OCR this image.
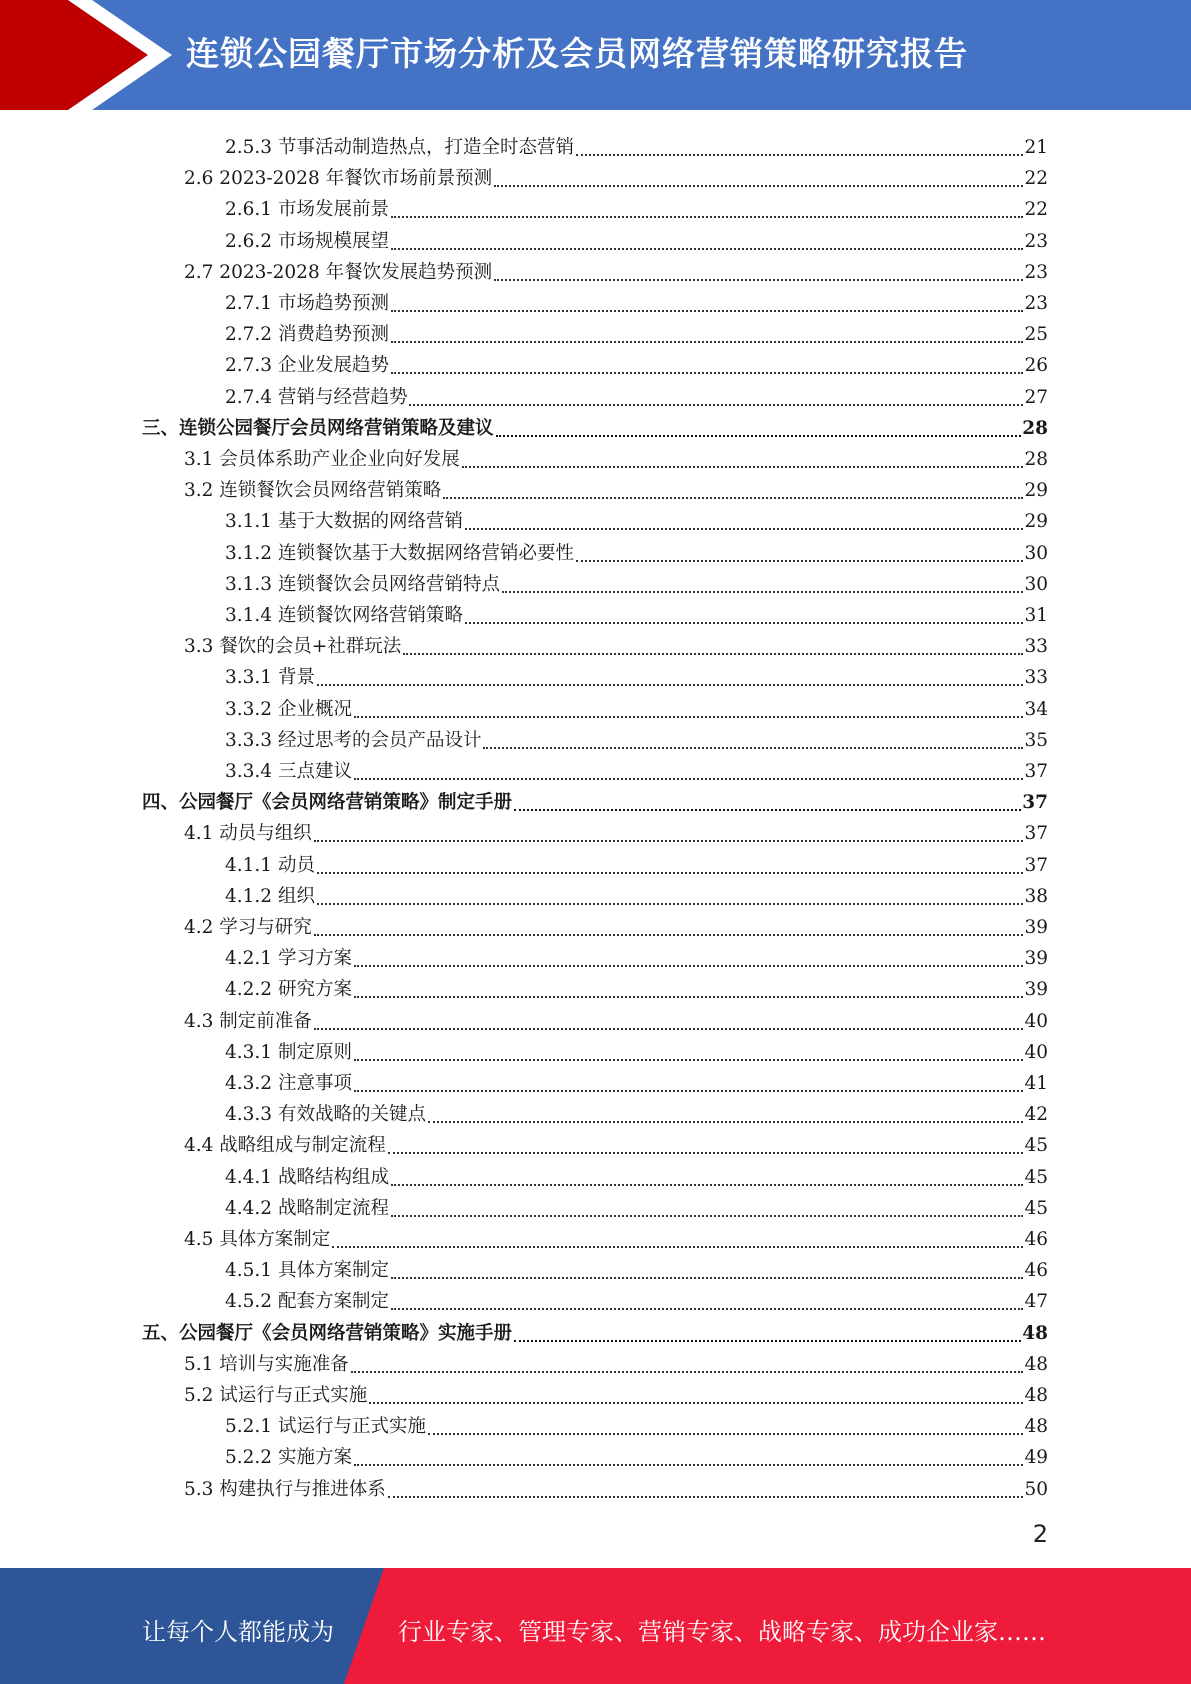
连锁公园餐厅市场分析及会员网络营销策略研究报告
2.5.3 节事活动制造热点，打造全时态营销	21
2.6 2023-2028 年餐饮市场前景预测	22
2.6.1 市场发展前景	22
2.6.2 市场规模展望	23
2.7 2023-2028 年餐饮发展趋势预测	23
2.7.1 市场趋势预测	23
2.7.2 消费趋势预测	25
2.7.3 企业发展趋势	26
2.7.4 营销与经营趋势	27
三、连锁公园餐厅会员网络营销策略及建议	28
3.1 会员体系助产业企业向好发展	28
3.2 连锁餐饮会员网络营销策略	29
3.1.1 基于大数据的网络营销	29
3.1.2 连锁餐饮基于大数据网络营销必要性	30
3.1.3 连锁餐饮会员网络营销特点	30
3.1.4 连锁餐饮网络营销策略	31
3.3 餐饮的会员+社群玩法	33
3.3.1 背景	33
3.3.2 企业概况	34
3.3.3 经过思考的会员产品设计	35
3.3.4 三点建议	37
四、公园餐厅《会员网络营销策略》制定手册	37
4.1 动员与组织	37
4.1.1 动员	37
4.1.2 组织	38
4.2 学习与研究	39
4.2.1 学习方案	39
4.2.2 研究方案	39
4.3 制定前准备	40
4.3.1 制定原则	40
4.3.2 注意事项	41
4.3.3 有效战略的关键点	42
4.4 战略组成与制定流程	45
4.4.1 战略结构组成	45
4.4.2 战略制定流程	45
4.5 具体方案制定	46
4.5.1 具体方案制定	46
4.5.2 配套方案制定	47
五、公园餐厅《会员网络营销策略》实施手册	48
5.1 培训与实施准备	48
5.2 试运行与正式实施	48
5.2.1 试运行与正式实施	48
5.2.2 实施方案	49
5.3 构建执行与推进体系	50
2
让每个人都能成为	行业专家、管理专家、营销专家、战略专家、成功企业家……
